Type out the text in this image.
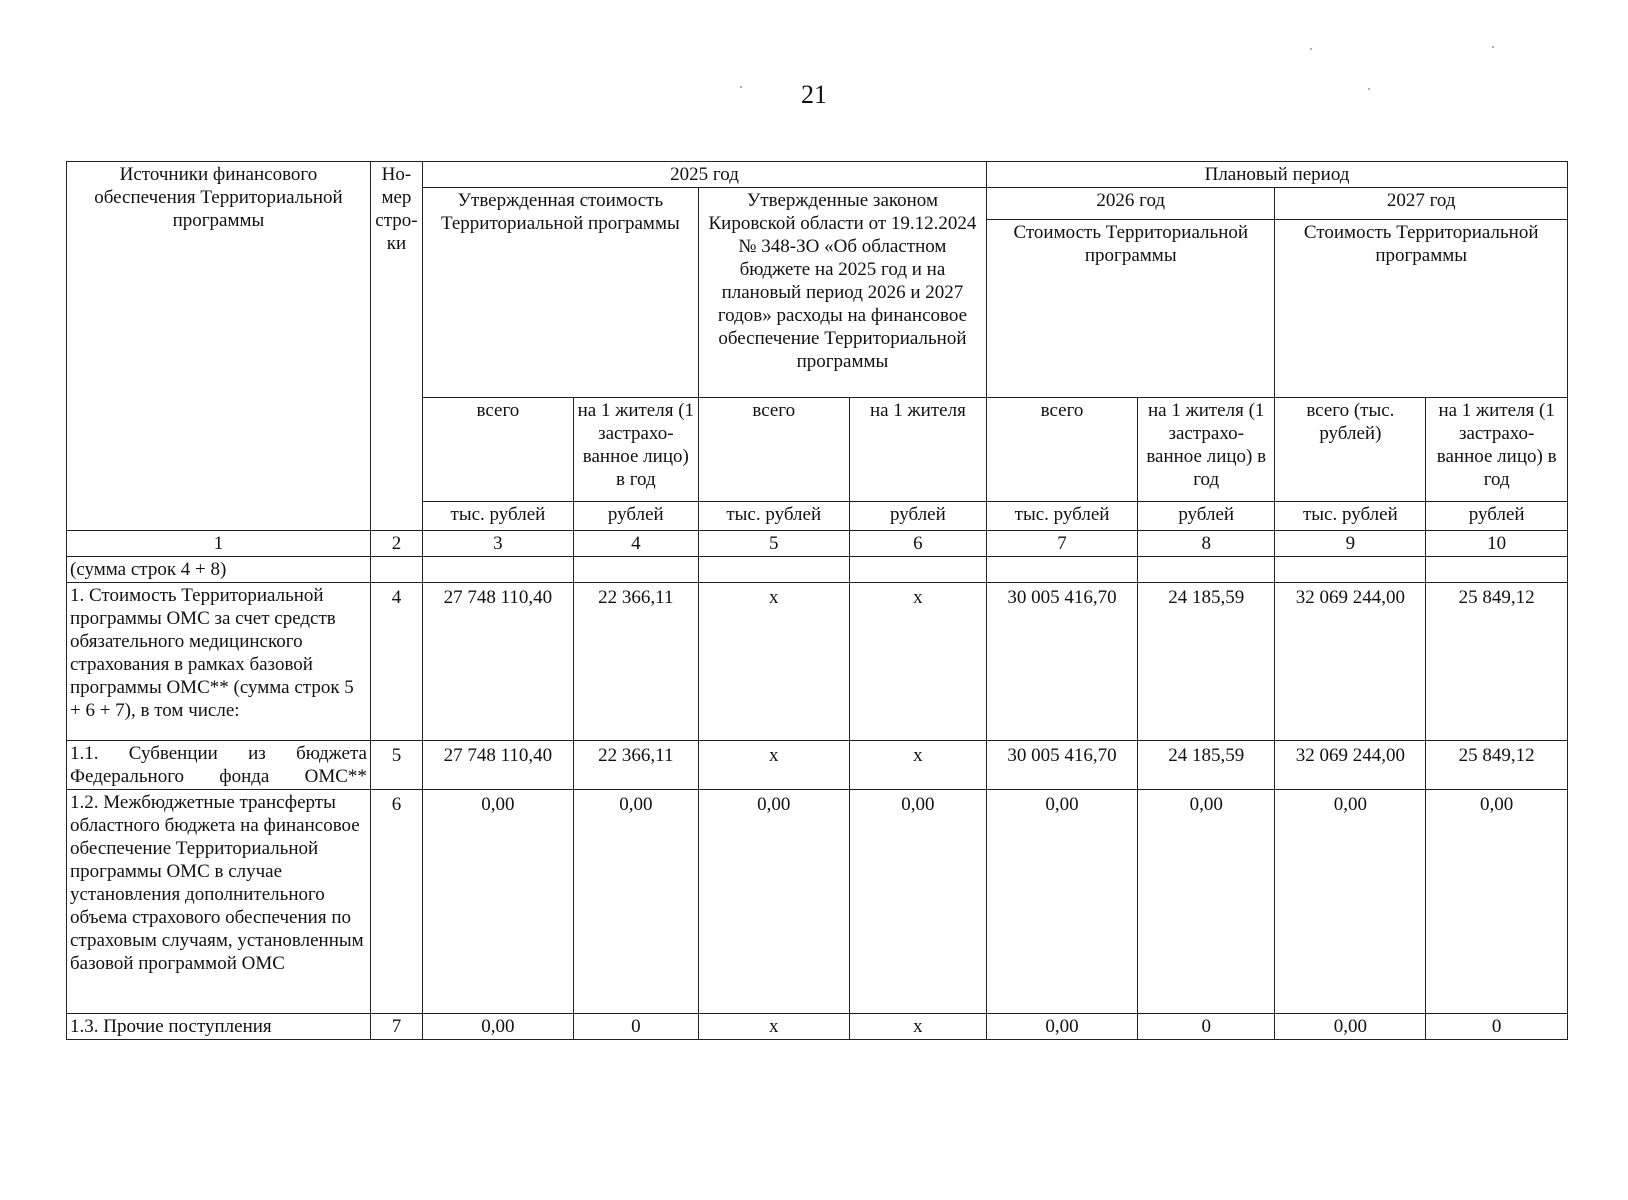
21
Источники финансового обеспечения Территориальной программы	Но- мер стро- ки	2025 год				Плановый период			
		Утвержденная стоимость Территориальной программы		Утвержденные законом Кировской области от 19.12.2024 № 348-ЗО «Об областном бюджете на 2025 год и на плановый период 2026 и 2027 годов» расходы на финансовое обеспечение Территориальной программы		2026 год		2027 год	
						Стоимость Территориальной программы		Стоимость Территориальной программы	
		всего	на 1 жителя (1 застрахо- ванное лицо) в год	всего	на 1 жителя	всего	на 1 жителя (1 застрахо- ванное лицо) в год	всего (тыс. рублей)	на 1 жителя (1 застрахо- ванное лицо) в год
		тыс. рублей	рублей	тыс. рублей	рублей	тыс. рублей	рублей	тыс. рублей	рублей
1	2	3	4	5	6	7	8	9	10
(сумма строк 4 + 8)									
1. Стоимость Территориальной программы ОМС за счет средств обязательного медицинского страхования в рамках базовой программы ОМС** (сумма строк 5 + 6 + 7), в том числе:	4	27 748 110,40	22 366,11	х	х	30 005 416,70	24 185,59	32 069 244,00	25 849,12
1.1. Субвенции из бюджета Федерального фонда ОМС**	5	27 748 110,40	22 366,11	х	х	30 005 416,70	24 185,59	32 069 244,00	25 849,12
1.2. Межбюджетные трансферты областного бюджета на финансовое обеспечение Территориальной программы ОМС в случае установления дополнительного объема страхового обеспечения по страховым случаям, установленным базовой программой ОМС	6	0,00	0,00	0,00	0,00	0,00	0,00	0,00	0,00
1.3. Прочие поступления	7	0,00	0	х	х	0,00	0	0,00	0
